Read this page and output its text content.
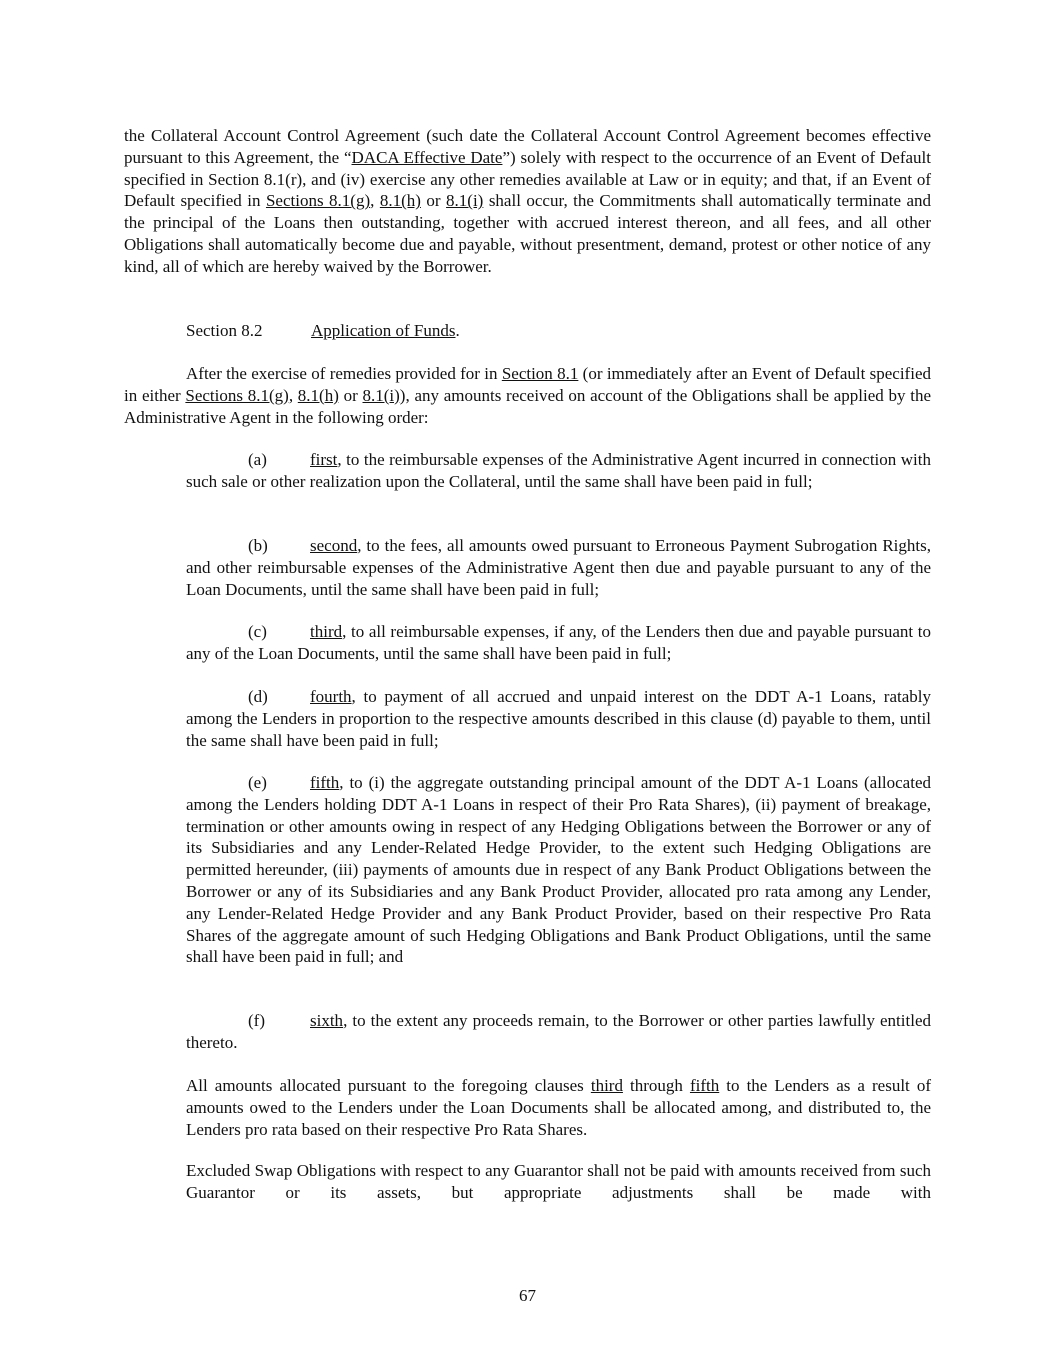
the Collateral Account Control Agreement (such date the Collateral Account Control Agreement becomes effective pursuant to this Agreement, the “DACA Effective Date”) solely with respect to the occurrence of an Event of Default specified in Section 8.1(r), and (iv) exercise any other remedies available at Law or in equity; and that, if an Event of Default specified in Sections 8.1(g), 8.1(h) or 8.1(i) shall occur, the Commitments shall automatically terminate and the principal of the Loans then outstanding, together with accrued interest thereon, and all fees, and all other Obligations shall automatically become due and payable, without presentment, demand, protest or other notice of any kind, all of which are hereby waived by the Borrower.

Section 8.2	Application of Funds.

After the exercise of remedies provided for in Section 8.1 (or immediately after an Event of Default specified in either Sections 8.1(g), 8.1(h) or 8.1(i)), any amounts received on account of the Obligations shall be applied by the Administrative Agent in the following order:

(a)	first, to the reimbursable expenses of the Administrative Agent incurred in connection with such sale or other realization upon the Collateral, until the same shall have been paid in full;

(b) second, to the fees, all amounts owed pursuant to Erroneous Payment Subrogation Rights, and other reimbursable expenses of the Administrative Agent then due and payable pursuant to any of the Loan Documents, until the same shall have been paid in full;

(c)	third, to all reimbursable expenses, if any, of the Lenders then due and payable pursuant to any of the Loan Documents, until the same shall have been paid in full;

(d) fourth, to payment of all accrued and unpaid interest on the DDT A-1 Loans, ratably among the Lenders in proportion to the respective amounts described in this clause (d) payable to them, until the same shall have been paid in full;

(e)	fifth, to (i) the aggregate outstanding principal amount of the DDT A-1 Loans (allocated among the Lenders holding DDT A-1 Loans in respect of their Pro Rata Shares), (ii) payment of breakage, termination or other amounts owing in respect of any Hedging Obligations between the Borrower or any of its Subsidiaries and any Lender-Related Hedge Provider, to the extent such Hedging Obligations are permitted hereunder, (iii) payments of amounts due in respect of any Bank Product Obligations between the Borrower or any of its Subsidiaries and any Bank Product Provider, allocated pro rata among any Lender, any Lender-Related Hedge Provider and any Bank Product Provider, based on their respective Pro Rata Shares of the aggregate amount of such Hedging Obligations and Bank Product Obligations, until the same shall have been paid in full; and

(f)	sixth, to the extent any proceeds remain, to the Borrower or other parties lawfully entitled thereto.

All amounts allocated pursuant to the foregoing clauses third through fifth to the Lenders as a result of amounts owed to the Lenders under the Loan Documents shall be allocated among, and distributed to, the Lenders pro rata based on their respective Pro Rata Shares.

Excluded Swap Obligations with respect to any Guarantor shall not be paid with amounts received from such Guarantor or its assets, but appropriate adjustments shall be made with

67
